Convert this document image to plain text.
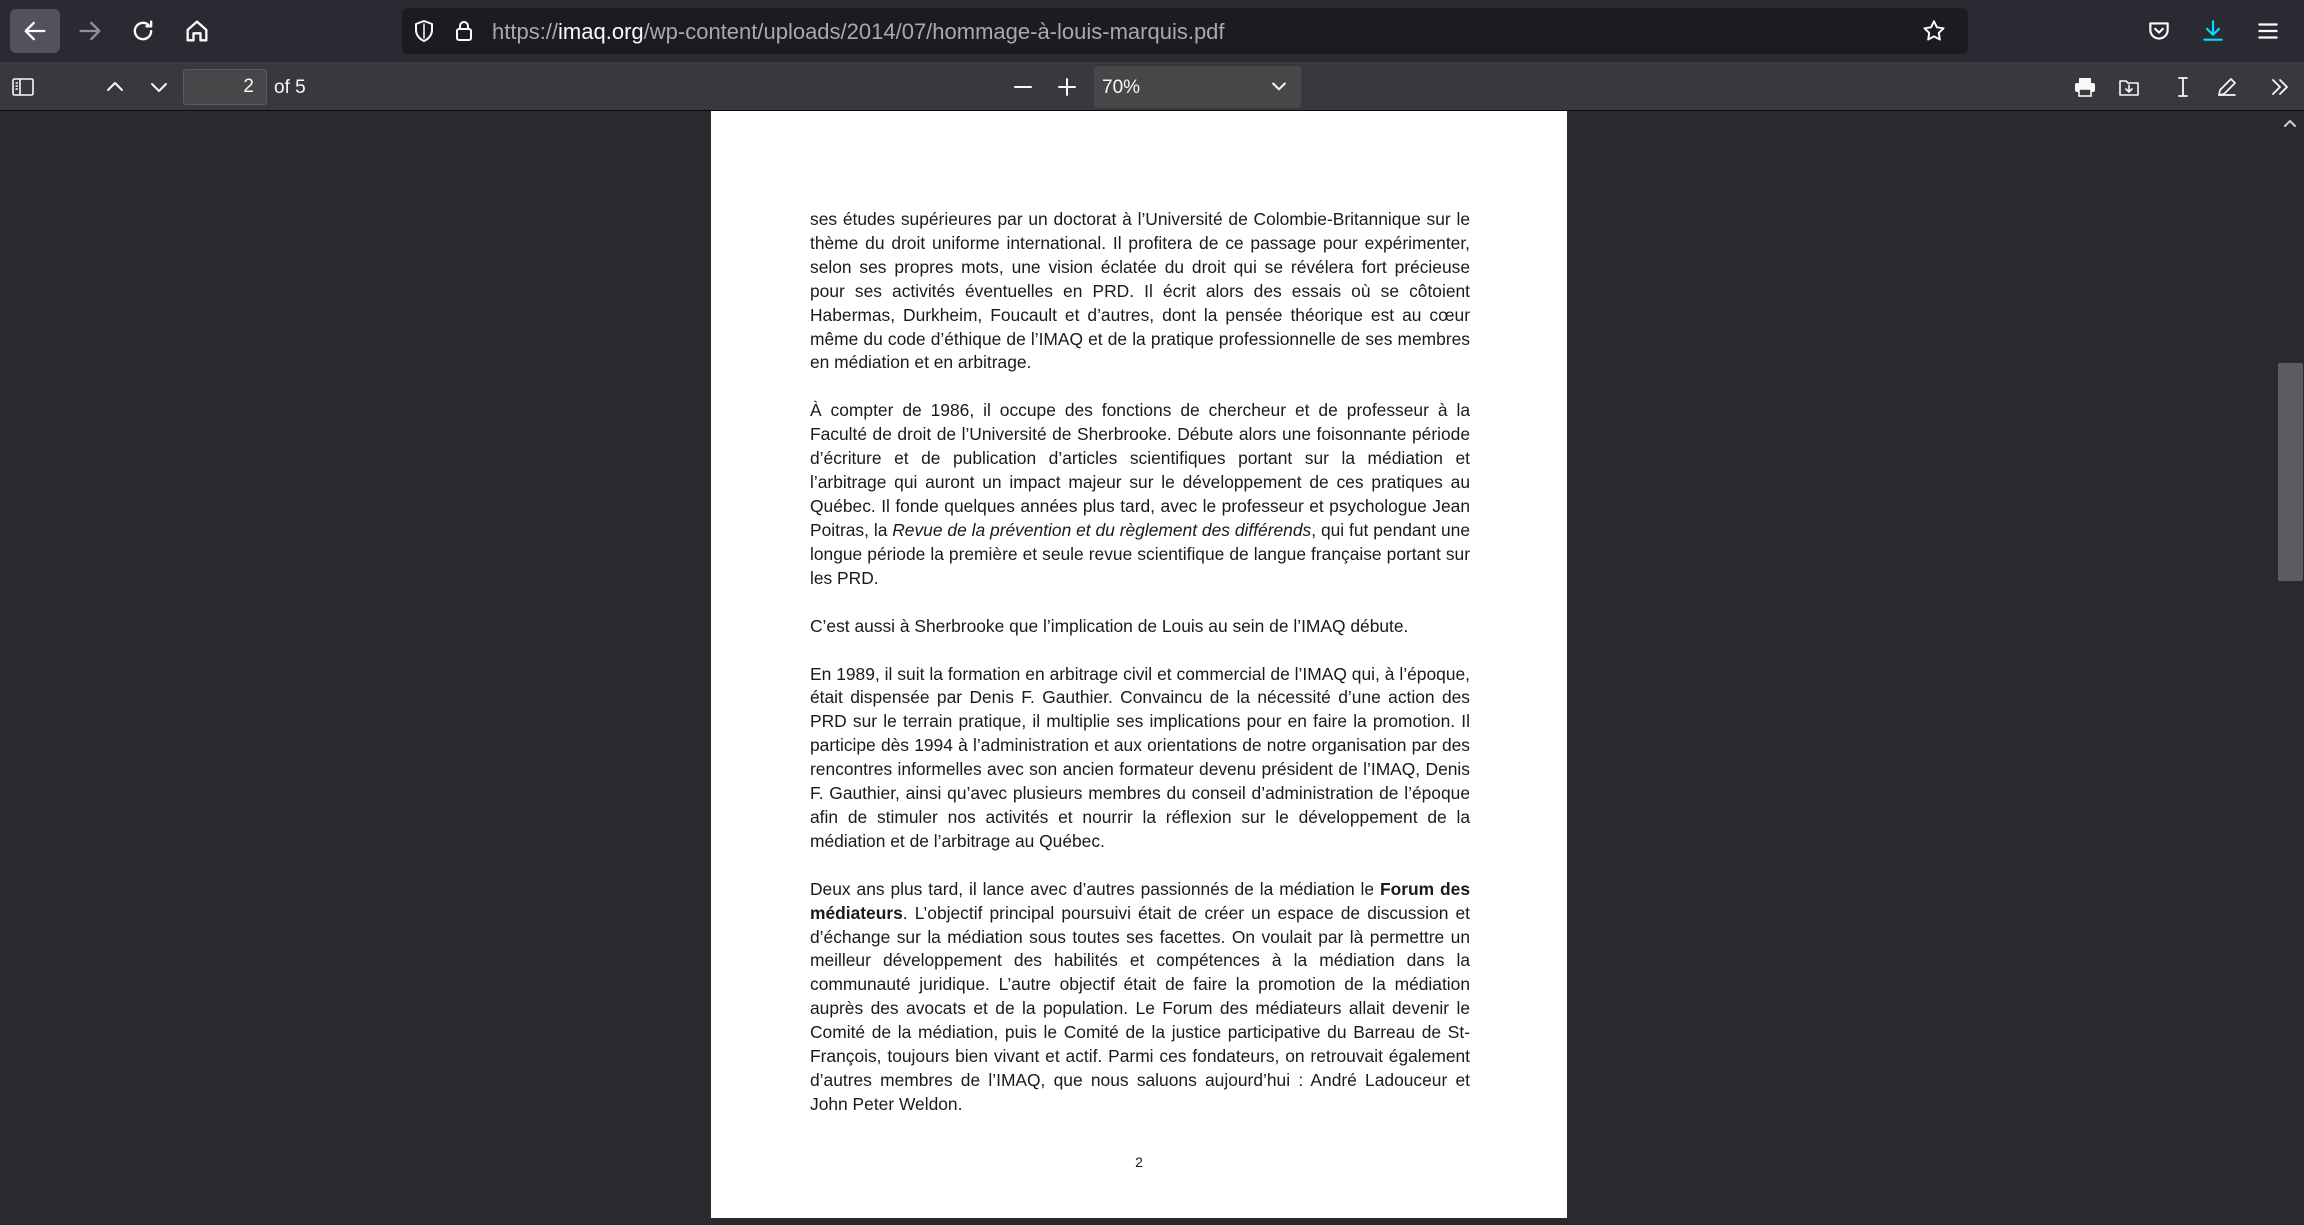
https://imaq.org/wp-content/uploads/2014/07/hommage-à-louis-marquis.pdf
2	of 5	70%

ses études supérieures par un doctorat à l’Université de Colombie-Britannique sur le thème du droit uniforme international. Il profitera de ce passage pour expérimenter, selon ses propres mots, une vision éclatée du droit qui se révélera fort précieuse pour ses activités éventuelles en PRD. Il écrit alors des essais où se côtoient Habermas, Durkheim, Foucault et d’autres, dont la pensée théorique est au cœur même du code d’éthique de l’IMAQ et de la pratique professionnelle de ses membres en médiation et en arbitrage.

À compter de 1986, il occupe des fonctions de chercheur et de professeur à la Faculté de droit de l’Université de Sherbrooke. Débute alors une foisonnante période d’écriture et de publication d’articles scientifiques portant sur la médiation et l’arbitrage qui auront un impact majeur sur le développement de ces pratiques au Québec. Il fonde quelques années plus tard, avec le professeur et psychologue Jean Poitras, la Revue de la prévention et du règlement des différends, qui fut pendant une longue période la première et seule revue scientifique de langue française portant sur les PRD.

C’est aussi à Sherbrooke que l’implication de Louis au sein de l’IMAQ débute.

En 1989, il suit la formation en arbitrage civil et commercial de l’IMAQ qui, à l’époque, était dispensée par Denis F. Gauthier. Convaincu de la nécessité d’une action des PRD sur le terrain pratique, il multiplie ses implications pour en faire la promotion. Il participe dès 1994 à l’administration et aux orientations de notre organisation par des rencontres informelles avec son ancien formateur devenu président de l’IMAQ, Denis F. Gauthier, ainsi qu’avec plusieurs membres du conseil d’administration de l’époque afin de stimuler nos activités et nourrir la réflexion sur le développement de la médiation et de l’arbitrage au Québec.

Deux ans plus tard, il lance avec d’autres passionnés de la médiation le Forum des médiateurs. L’objectif principal poursuivi était de créer un espace de discussion et d’échange sur la médiation sous toutes ses facettes. On voulait par là permettre un meilleur développement des habilités et compétences à la médiation dans la communauté juridique. L’autre objectif était de faire la promotion de la médiation auprès des avocats et de la population. Le Forum des médiateurs allait devenir le Comité de la médiation, puis le Comité de la justice participative du Barreau de St-François, toujours bien vivant et actif. Parmi ces fondateurs, on retrouvait également d’autres membres de l’IMAQ, que nous saluons aujourd’hui : André Ladouceur et John Peter Weldon.

2
